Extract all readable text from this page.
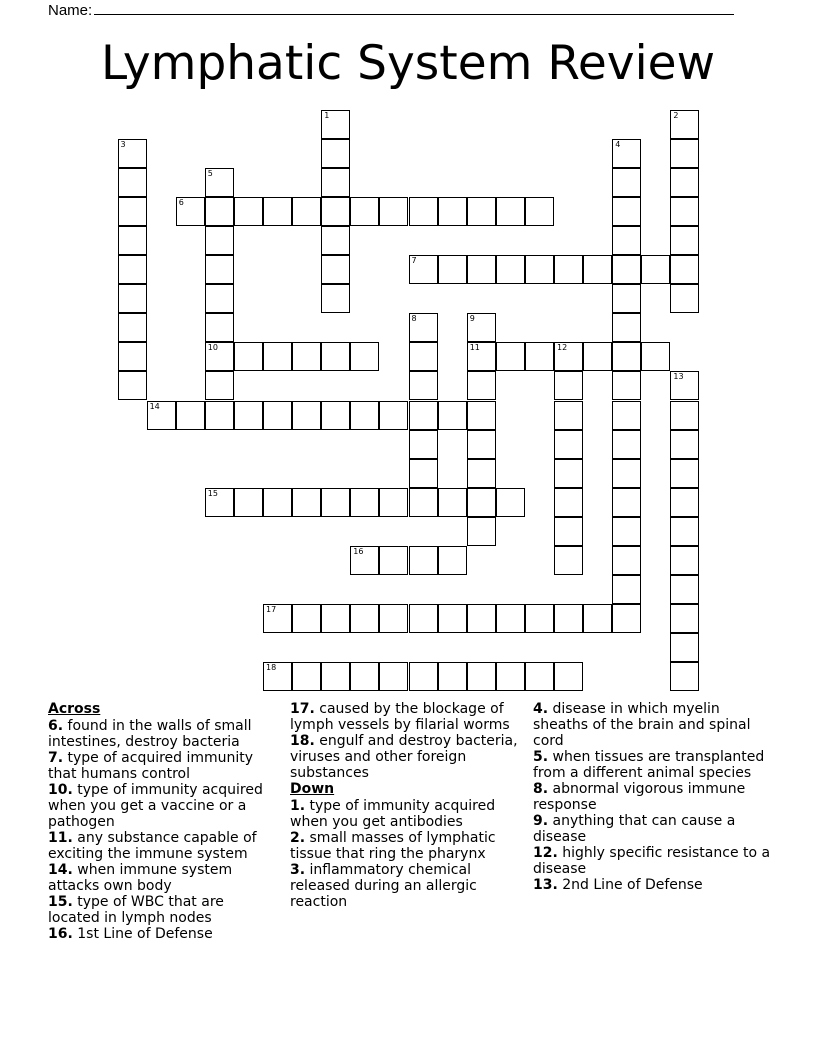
Name:
Lymphatic System Review
1	2
3	4
5
10
6
7
8	9
11	12
13
14
15
16
17
18
Across
6. found in the walls of small intestines, destroy bacteria
7. type of acquired immunity that humans control
10. type of immunity acquired when you get a vaccine or a pathogen
11. any substance capable of exciting the immune system
14. when immune system attacks own body
15. type of WBC that are located in lymph nodes
16. 1st Line of Defense
17. caused by the blockage of lymph vessels by filarial worms
18. engulf and destroy bacteria, viruses and other foreign substances
Down
1. type of immunity acquired when you get antibodies
2. small masses of lymphatic tissue that ring the pharynx
3. inflammatory chemical released during an allergic reaction
4. disease in which myelin sheaths of the brain and spinal cord
5. when tissues are transplanted from a different animal species
8. abnormal vigorous immune response
9. anything that can cause a disease
12. highly specific resistance to a disease
13. 2nd Line of Defense
